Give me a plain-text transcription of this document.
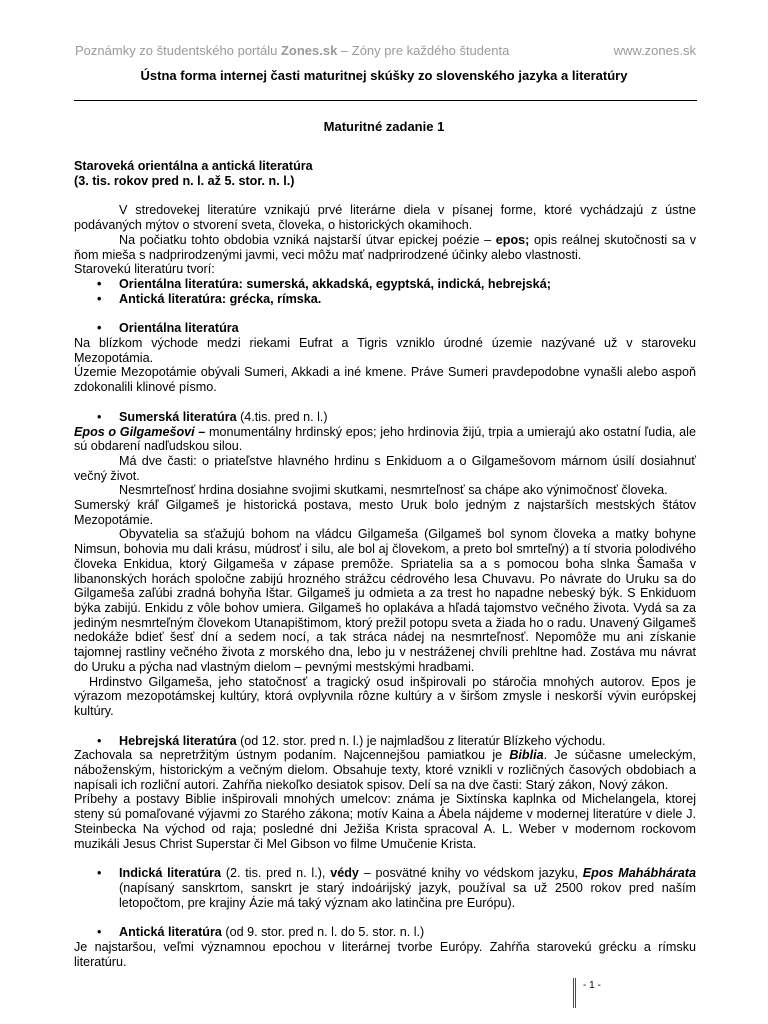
Poznámky zo študentského portálu Zones.sk – Zóny pre každého študenta	www.zones.sk
Ústna forma internej časti maturitnej skúšky zo slovenského jazyka a literatúry
Maturitné zadanie 1

Staroveká orientálna a antická literatúra

(3. tis. rokov pred n. l. až 5. stor. n. l.)

V stredovekej literatúre vznikajú prvé literárne diela v písanej forme, ktoré vychádzajú z ústne podávaných mýtov o stvorení sveta, človeka, o historických okamihoch.

Na počiatku tohto obdobia vzniká najstarší útvar epickej poézie – epos; opis reálnej skutočnosti sa v ňom mieša s nadprirodzenými javmi, veci môžu mať nadprirodzené účinky alebo vlastnosti.

Starovekú literatúru tvorí:

• Orientálna literatúra: sumerská, akkadská, egyptská, indická, hebrejská;

• Antická literatúra: grécka, rímska.

• Orientálna literatúra

Na blízkom východe medzi riekami Eufrat a Tigris vzniklo úrodné územie nazývané už v staroveku Mezopotámia.

Územie Mezopotámie obývali Sumeri, Akkadi a iné kmene. Práve Sumeri pravdepodobne vynašli alebo aspoň zdokonalili klinové písmo.

• Sumerská literatúra (4.tis. pred n. l.)

Epos o Gilgamešovi – monumentálny hrdinský epos; jeho hrdinovia žijú, trpia a umierajú ako ostatní ľudia, ale sú obdarení nadľudskou silou.

Má dve časti: o priateľstve hlavného hrdinu s Enkiduom a o Gilgamešovom márnom úsilí dosiahnuť večný život.

Nesmrteľnosť hrdina dosiahne svojimi skutkami, nesmrteľnosť sa chápe ako výnimočnosť človeka.

Sumerský kráľ Gilgameš je historická postava, mesto Uruk bolo jedným z najstarších mestských štátov Mezopotámie.

Obyvatelia sa sťažujú bohom na vládcu Gilgameša (Gilgameš bol synom človeka a matky bohyne Nimsun, bohovia mu dali krásu, múdrosť i silu, ale bol aj človekom, a preto bol smrteľný) a tí stvoria polodivého človeka Enkidua, ktorý Gilgameša v zápase premôže. Spriatelia sa a s pomocou boha slnka Šamaša v libanonských horách spoločne zabijú hrozného strážcu cédrového lesa Chuvavu. Po návrate do Uruku sa do Gilgameša zaľúbi zradná bohyňa Ištar. Gilgameš ju odmieta a za trest ho napadne nebeský býk. S Enkiduom býka zabijú. Enkidu z vôle bohov umiera. Gilgameš ho oplakáva a hľadá tajomstvo večného života. Vydá sa za jediným nesmrteľným človekom Utanapištimom, ktorý prežil potopu sveta a žiada ho o radu. Unavený Gilgameš nedokáže bdieť šesť dní a sedem nocí, a tak stráca nádej na nesmrteľnosť. Nepomôže mu ani získanie tajomnej rastliny večného života z morského dna, lebo ju v nestráženej chvíli prehltne had. Zostáva mu návrat do Uruku a pýcha nad vlastným dielom – pevnými mestskými hradbami.

Hrdinstvo Gilgameša, jeho statočnosť a tragický osud inšpirovali po stáročia mnohých autorov. Epos je výrazom mezopotámskej kultúry, ktorá ovplyvnila rôzne kultúry a v širšom zmysle i neskorší vývin európskej kultúry.

• Hebrejská literatúra (od 12. stor. pred n. l.) je najmladšou z literatúr Blízkeho východu.

Zachovala sa nepretržitým ústnym podaním. Najcennejšou pamiatkou je Biblia. Je súčasne umeleckým, náboženským, historickým a večným dielom. Obsahuje texty, ktoré vznikli v rozličných časových obdobiach a napísali ich rozliční autori. Zahŕňa niekoľko desiatok spisov. Delí sa na dve časti: Starý zákon, Nový zákon.

Príbehy a postavy Biblie inšpirovali mnohých umelcov: známa je Sixtínska kaplnka od Michelangela, ktorej steny sú pomaľované výjavmi zo Starého zákona; motív Kaina a Ábela nájdeme v modernej literatúre v diele J. Steinbecka Na východ od raja; posledné dni Ježiša Krista spracoval A. L. Weber v modernom rockovom muzikáli Jesus Christ Superstar či Mel Gibson vo filme Umučenie Krista.

• Indická literatúra (2. tis. pred n. l.), védy – posvätné knihy vo védskom jazyku, Epos Mahábhárata (napísaný sanskrtom, sanskrt je starý indoárijský jazyk, používal sa už 2500 rokov pred naším letopočtom, pre krajiny Ázie má taký význam ako latinčina pre Európu).

• Antická literatúra (od 9. stor. pred n. l. do 5. stor. n. l.)

Je najstaršou, veľmi významnou epochou v literárnej tvorbe Európy. Zahŕňa starovekú grécku a rímsku literatúru.

- 1 -
